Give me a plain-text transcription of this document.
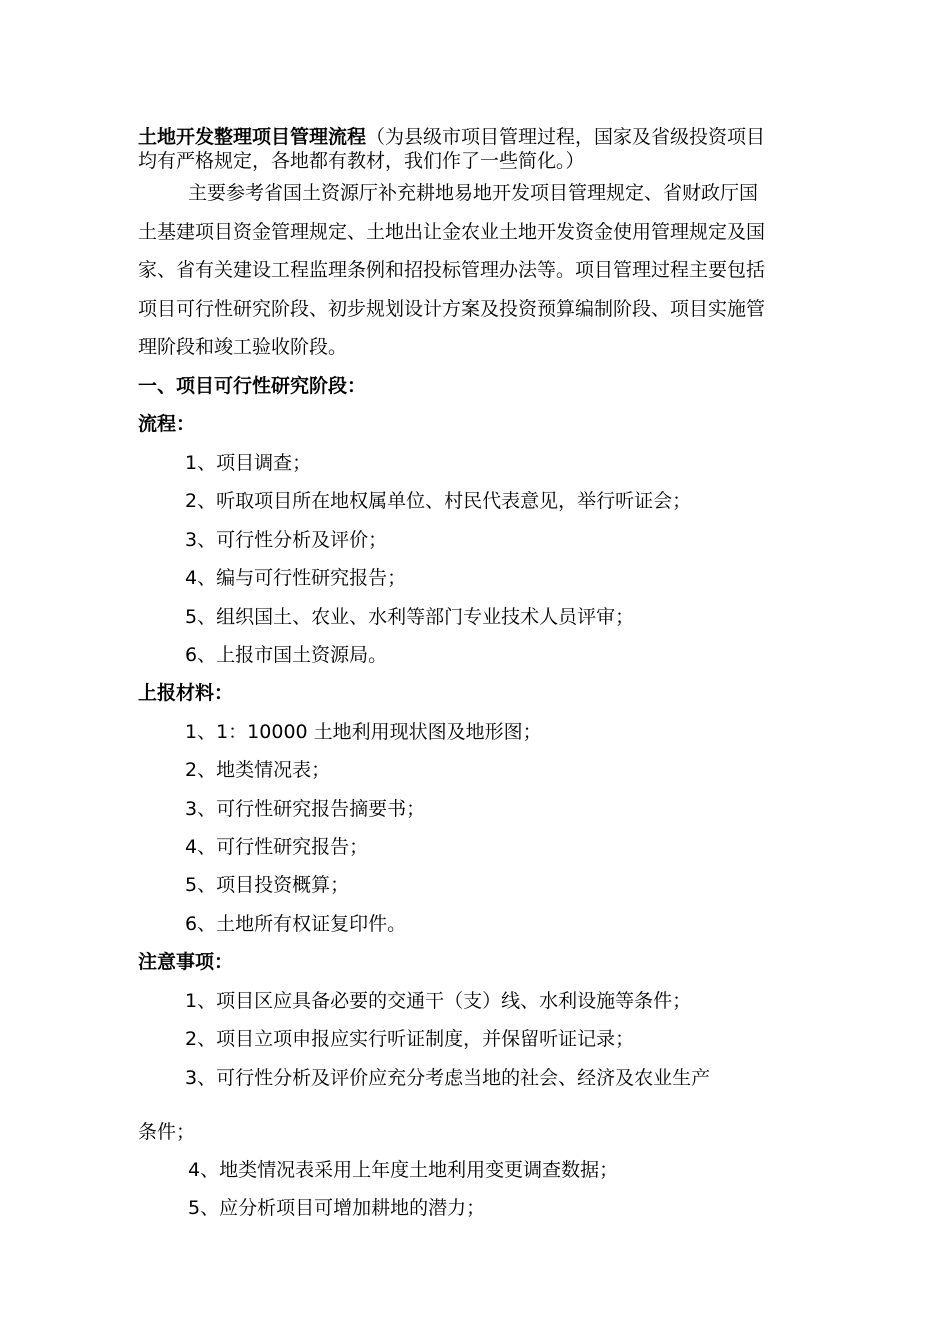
土地开发整理项目管理流程（为县级市项目管理过程，国家及省级投资项目
均有严格规定，各地都有教材，我们作了一些简化。）
主要参考省国土资源厅补充耕地易地开发项目管理规定、省财政厅国
土基建项目资金管理规定、土地出让金农业土地开发资金使用管理规定及国
家、省有关建设工程监理条例和招投标管理办法等。项目管理过程主要包括
项目可行性研究阶段、初步规划设计方案及投资预算编制阶段、项目实施管
理阶段和竣工验收阶段。
一、项目可行性研究阶段：
流程：
1、项目调查；
2、听取项目所在地权属单位、村民代表意见，举行听证会；
3、可行性分析及评价；
4、编与可行性研究报告；
5、组织国土、农业、水利等部门专业技术人员评审；
6、上报市国土资源局。
上报材料：
1、1：10000 土地利用现状图及地形图；
2、地类情况表；
3、可行性研究报告摘要书；
4、可行性研究报告；
5、项目投资概算；
6、土地所有权证复印件。
注意事项：
1、项目区应具备必要的交通干（支）线、水利设施等条件；
2、项目立项申报应实行听证制度，并保留听证记录；
3、可行性分析及评价应充分考虑当地的社会、经济及农业生产
条件；
4、地类情况表采用上年度土地利用变更调查数据；
5、应分析项目可增加耕地的潜力；
